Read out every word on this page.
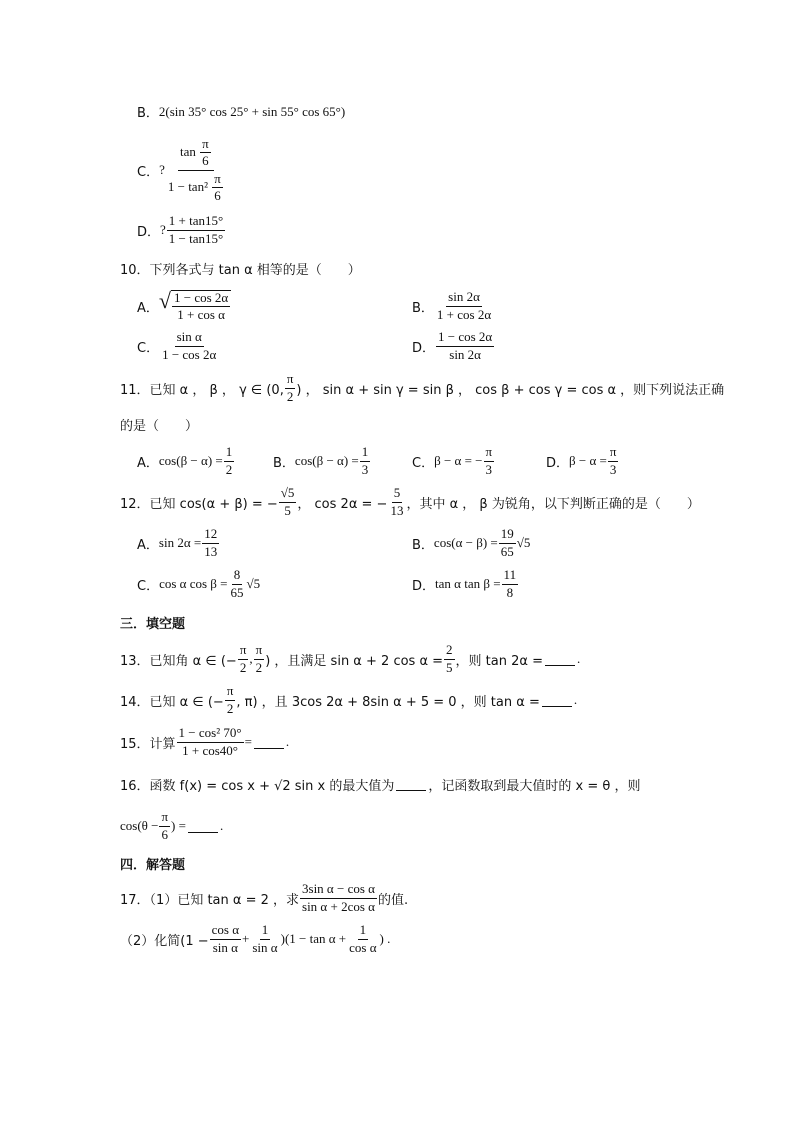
B． 2(sin 35° cos 25° + sin 55° cos 65°)
C． ? $\frac{\tan \frac{\pi}{6}}{1 - \tan^2 \frac{\pi}{6}}$
D． ? $\frac{1 + \tan 15^\circ}{1 - \tan 15^\circ}$
10．下列各式与 tan α 相等的是（　　）
A． √ $\frac{1 - \cos 2\alpha}{\text{1 + cos α}}$	B． $\frac{\sin 2\alpha}{1 + \cos 2\alpha}$
C． $\frac{\text{sin α}}{1 - \cos 2\alpha}$	D． $\frac{1 - \cos 2\alpha}{\sin 2\alpha}$
11．已知 α ， β ， γ ∈ (0, $\frac{\pi}{2}$ ) ， sin α + sin γ = sin β ， cos β + cos γ = cos α ，则下列说法正确
的是（　　）
A． $\cos(\beta - \alpha) = \frac{1}{2}$	B． $\cos(\beta - \alpha) = \frac{1}{3}$	C． β − α = − $\frac{\pi}{3}$	D． $\beta - \alpha = \frac{\pi}{3}$
12．已知 cos(α + β) = − $\frac{√5}{5}$ ， cos 2α = − $\frac{5}{13}$ ，其中 α ， β 为锐角，以下判断正确的是（　　）
A． $\sin 2\alpha = \frac{12}{13}$	B． $\cos(\alpha - \beta) = \frac{19}{65} √5$
C． cos α $\cos \beta = \frac{8}{65} √5$	D． tan α $\tan \beta = \frac{11}{8}$
三．填空题
13．已知角 α ∈ (− $\frac{\pi}{2}$ , $\frac{\pi}{2}$ ) ，且满足 sin α + 2 $\cos \alpha = \frac{2}{5}$ ，则 tan 2α =	.
14．已知 α ∈ (− $\frac{\pi}{2}$ , π) ，且 3cos 2α + 8sin α + 5 = 0 ，则 tan α =	.
15．计算 $\frac{\text{1 − cos² 70°}}{1 + \cos 40^\circ}$ =	.
16．函数 f(x) = cos x + √2 sin x 的最大值为	，记函数取到最大值时的 x = θ ，则
$\cos(\theta - \frac{\pi}{6}$ ) =	.
四．解答题
17．（1）已知 tan α = 2 ，求 $\frac{\text{3sin α − cos α}}{\text{sin α + 2cos α}}$ 的值.
（2）化简$(1 - \frac{\text{cos α}}{\text{sin α}} + \frac{1}{\text{sin α}} )(1 - \tan \alpha + \frac{1}{\text{cos α}}$ ) .
